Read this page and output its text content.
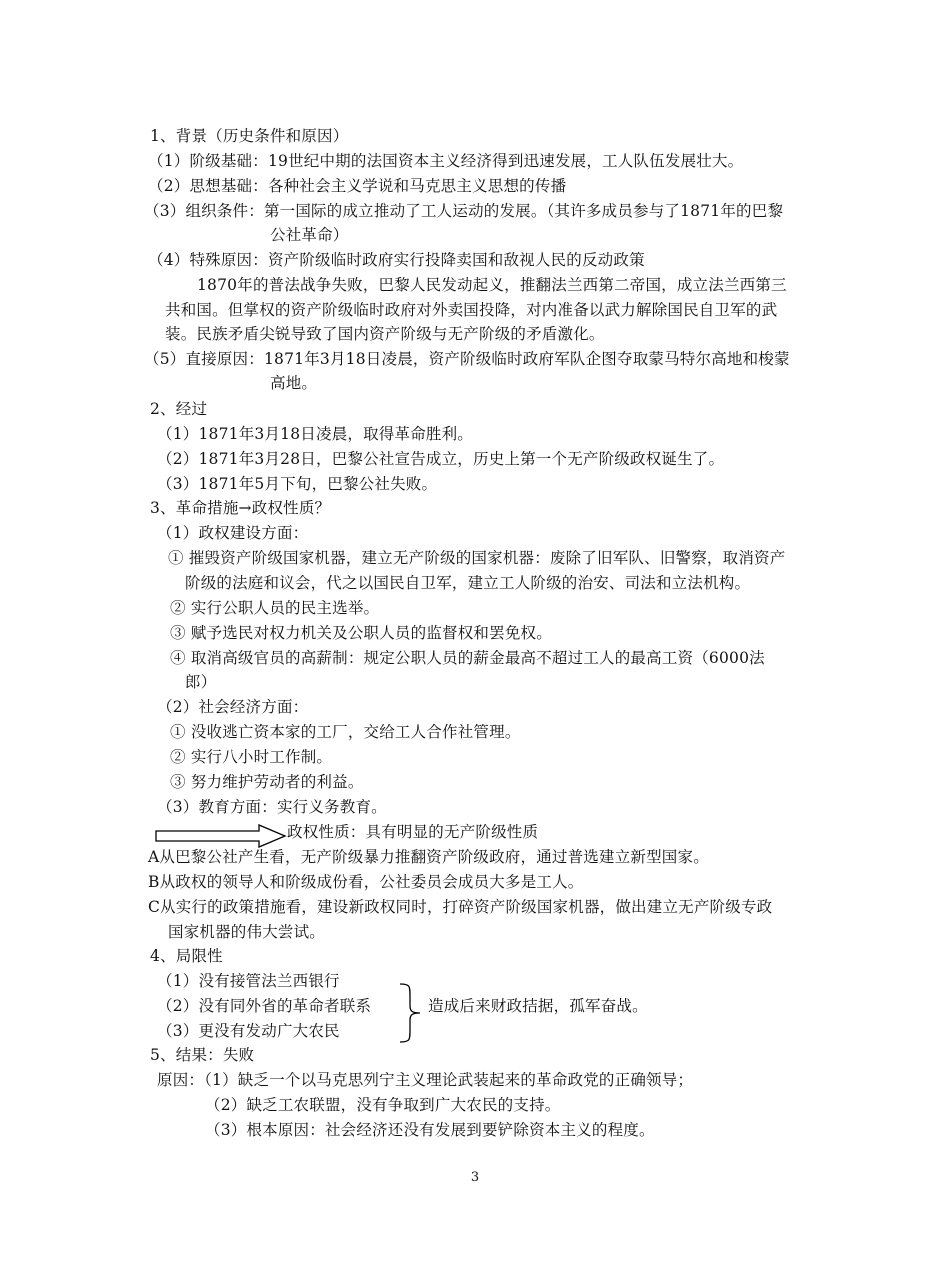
1、背景（历史条件和原因）
（1）阶级基础：19世纪中期的法国资本主义经济得到迅速发展，工人队伍发展壮大。
（2）思想基础：各种社会主义学说和马克思主义思想的传播
（3）组织条件：第一国际的成立推动了工人运动的发展。（其许多成员参与了1871年的巴黎
公社革命）
（4）特殊原因：资产阶级临时政府实行投降卖国和敌视人民的反动政策
1870年的普法战争失败，巴黎人民发动起义，推翻法兰西第二帝国，成立法兰西第三
共和国。但掌权的资产阶级临时政府对外卖国投降，对内准备以武力解除国民自卫军的武
装。民族矛盾尖锐导致了国内资产阶级与无产阶级的矛盾激化。
（5）直接原因：1871年3月18日凌晨，资产阶级临时政府军队企图夺取蒙马特尔高地和梭蒙
高地。
2、经过
（1）1871年3月18日凌晨，取得革命胜利。
（2）1871年3月28日，巴黎公社宣告成立，历史上第一个无产阶级政权诞生了。
（3）1871年5月下旬，巴黎公社失败。
3、革命措施→政权性质？
（1）政权建设方面：
① 摧毁资产阶级国家机器，建立无产阶级的国家机器：废除了旧军队、旧警察，取消资产
阶级的法庭和议会，代之以国民自卫军，建立工人阶级的治安、司法和立法机构。
② 实行公职人员的民主选举。
③ 赋予选民对权力机关及公职人员的监督权和罢免权。
④ 取消高级官员的高薪制：规定公职人员的薪金最高不超过工人的最高工资（6000法
郎）
（2）社会经济方面：
① 没收逃亡资本家的工厂，交给工人合作社管理。
② 实行八小时工作制。
③ 努力维护劳动者的利益。
（3）教育方面：实行义务教育。
政权性质：具有明显的无产阶级性质
A从巴黎公社产生看，无产阶级暴力推翻资产阶级政府，通过普选建立新型国家。
B从政权的领导人和阶级成份看，公社委员会成员大多是工人。
C从实行的政策措施看，建设新政权同时，打碎资产阶级国家机器，做出建立无产阶级专政
国家机器的伟大尝试。
4、局限性
（1）没有接管法兰西银行
（2）没有同外省的革命者联系
（3）更没有发动广大农民
造成后来财政拮据，孤军奋战。
5、结果：失败
原因：（1）缺乏一个以马克思列宁主义理论武装起来的革命政党的正确领导；
（2）缺乏工农联盟，没有争取到广大农民的支持。
（3）根本原因：社会经济还没有发展到要铲除资本主义的程度。
3
